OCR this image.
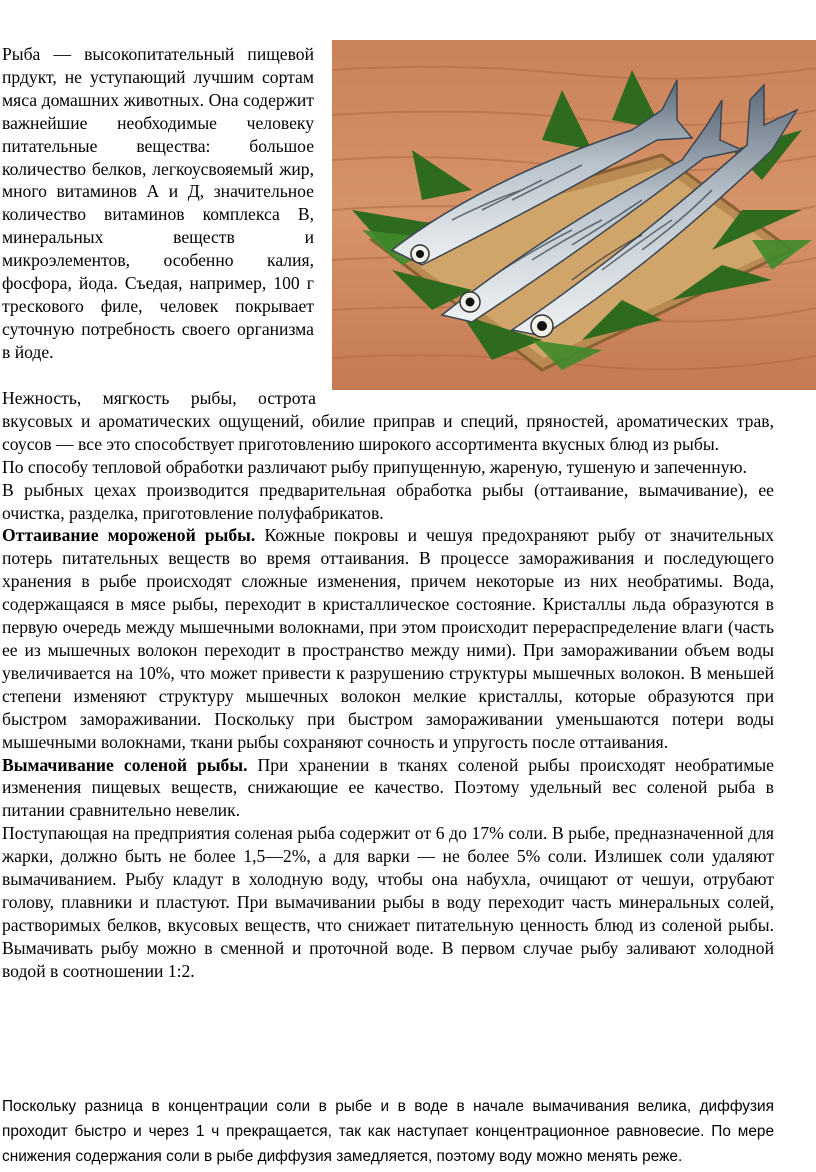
Рыба — высокопитательный пищевой прдукт, не уступающий лучшим сортам мяса домашних животных. Она содержит важнейшие необходимые человеку питательные вещества: большое количество белков, легкоусвояемый жир, много витаминов А и Д, значительное количество витаминов комплекса В, минеральных веществ и микроэлементов, особенно калия, фосфора, йода. Съедая, например, 100 г трескового филе, человек покрывает суточную потребность своего организма в йоде.

Нежность, мягкость рыбы, острота вкусовых и ароматических ощущений, обилие приправ и специй, пряностей, ароматических трав, соусов — все это способствует приготовлению широкого ассортимента вкусных блюд из рыбы.

По способу тепловой обработки различают рыбу припущенную, жареную, тушеную и запеченную.

В рыбных цехах производится предварительная обработка рыбы (оттаивание, вымачивание), ее очистка, разделка, приготовление полуфабрикатов.

Оттаивание мороженой рыбы. Кожные покровы и чешуя предохраняют рыбу от значительных потерь питательных веществ во время оттаивания. В процессе замораживания и последующего хранения в рыбе происходят сложные изменения, причем некоторые из них необратимы. Вода, содержащаяся в мясе рыбы, переходит в кристаллическое состояние. Кристаллы льда образуются в первую очередь между мышечными волокнами, при этом происходит перераспределение влаги (часть ее из мышечных волокон переходит в пространство между ними). При замораживании объем воды увеличивается на 10%, что может привести к разрушению структуры мышечных волокон. В меньшей степени изменяют структуру мышечных волокон мелкие кристаллы, которые образуются при быстром замораживании. Поскольку при быстром замораживании уменьшаются потери воды мышечными волокнами, ткани рыбы сохраняют сочность и упругость после оттаивания.

Вымачивание соленой рыбы. При хранении в тканях соленой рыбы происходят необратимые изменения пищевых веществ, снижающие ее качество. Поэтому удельный вес соленой рыба в питании сравнительно невелик.

Поступающая на предприятия соленая рыба содержит от 6 до 17% соли. В рыбе, предназначенной для жарки, должно быть не более 1,5—2%, а для варки — не более 5% соли. Излишек соли удаляют вымачиванием. Рыбу кладут в холодную воду, чтобы она набухла, очищают от чешуи, отрубают голову, плавники и пластуют. При вымачивании рыбы в воду переходит часть минеральных солей, растворимых белков, вкусовых веществ, что снижает питательную ценность блюд из соленой рыбы. Вымачивать рыбу можно в сменной и проточной воде. В первом случае рыбу заливают холодной водой в соотношении 1:2.

Поскольку разница в концентрации соли в рыбе и в воде в начале вымачивания велика, диффузия проходит быстро и через 1 ч прекращается, так как наступает концентрационное равновесие. По мере снижения содержания соли в рыбе диффузия замедляется, поэтому воду можно менять реже.
